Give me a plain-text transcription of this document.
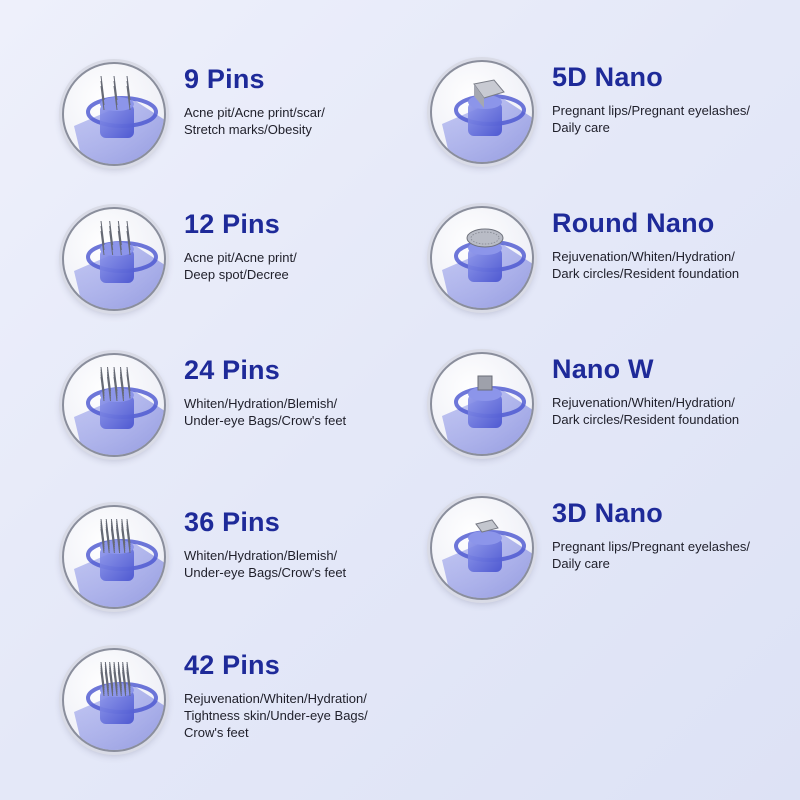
9 Pins

Acne pit/Acne print/scar/
Stretch marks/Obesity

12 Pins

Acne pit/Acne print/
Deep spot/Decree

24 Pins

Whiten/Hydration/Blemish/
Under-eye Bags/Crow's feet

36 Pins

Whiten/Hydration/Blemish/
Under-eye Bags/Crow's feet

42 Pins

Rejuvenation/Whiten/Hydration/
Tightness skin/Under-eye Bags/
Crow's feet

5D Nano

Pregnant lips/Pregnant eyelashes/
Daily care

Round Nano

Rejuvenation/Whiten/Hydration/
Dark circles/Resident foundation

Nano W

Rejuvenation/Whiten/Hydration/
Dark circles/Resident foundation

3D Nano

Pregnant lips/Pregnant eyelashes/
Daily care
